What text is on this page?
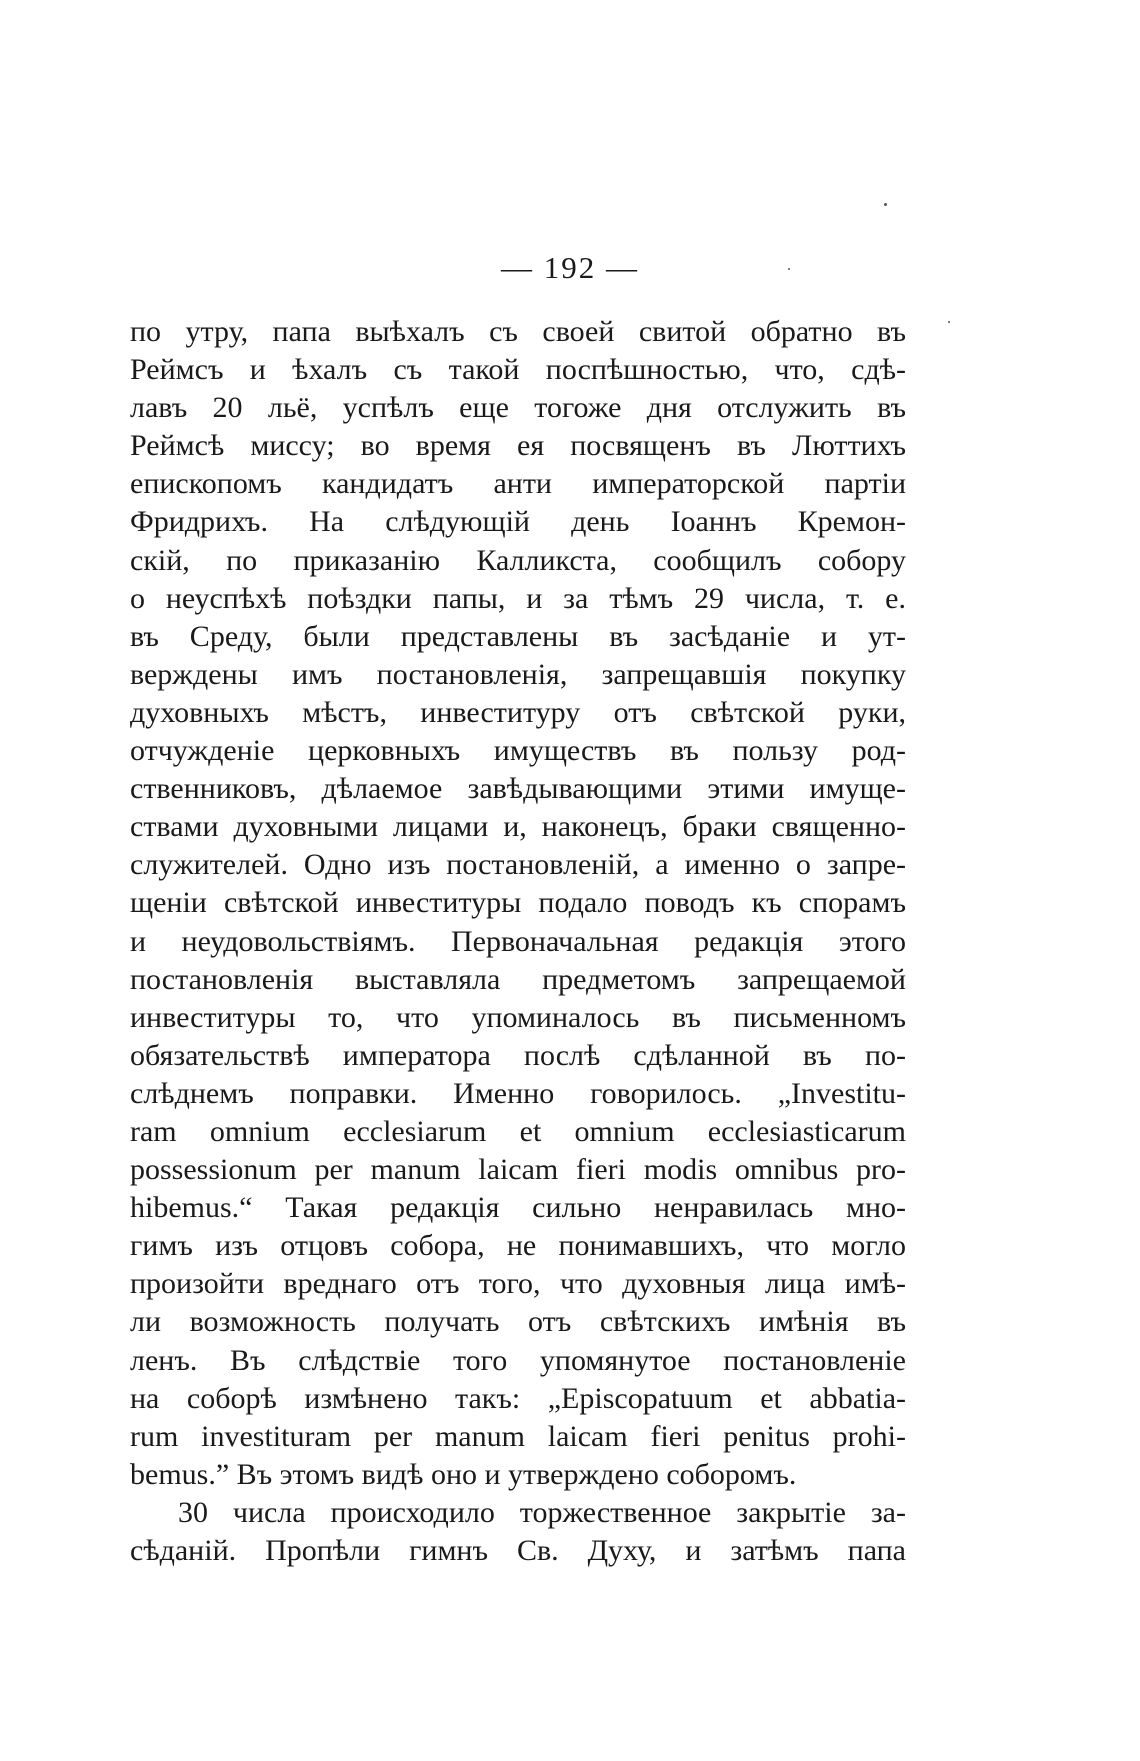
— 192 —
по утру, папа выѣхалъ съ своей свитой обратно въ
Реймсъ и ѣхалъ съ такой поспѣшностью, что, сдѣ-
лавъ 20 льё, успѣлъ еще тогоже дня отслужить въ
Реймсѣ миссу; во время ея посвященъ въ Люттихъ
епископомъ кандидатъ анти императорской партіи
Фридрихъ. На слѣдующій день Іоаннъ Кремон-
скій, по приказанію Калликста, сообщилъ собору
о неуспѣхѣ поѣздки папы, и за тѣмъ 29 числа, т. е.
въ Среду, были представлены въ засѣданіе и ут-
верждены имъ постановленія, запрещавшія покупку
духовныхъ мѣстъ, инвеституру отъ свѣтской руки,
отчужденіе церковныхъ имуществъ въ пользу род-
ственниковъ, дѣлаемое завѣдывающими этими имуще-
ствами духовными лицами и, наконецъ, браки священно-
служителей. Одно изъ постановленій, а именно о запре-
щеніи свѣтской инвеституры подало поводъ къ спорамъ
и неудовольствіямъ. Первоначальная редакція этого
постановленія выставляла предметомъ запрещаемой
инвеституры то, что упоминалось въ письменномъ
обязательствѣ императора послѣ сдѣланной въ по-
слѣднемъ поправки. Именно говорилось. „Investitu-
ram omnium ecclesiarum et omnium ecclesiasticarum
possessionum per manum laicam fieri modis omnibus pro-
hibemus.“ Такая редакція сильно ненравилась мно-
гимъ изъ отцовъ собора, не понимавшихъ, что могло
произойти вреднаго отъ того, что духовныя лица имѣ-
ли возможность получать отъ свѣтскихъ имѣнія въ
ленъ. Въ слѣдствіе того упомянутое постановленіе
на соборѣ измѣнено такъ: „Episcopatuum et abbatia-
rum investituram per manum laicam fieri penitus prohi-
bemus.” Въ этомъ видѣ оно и утверждено соборомъ.
30 числа происходило торжественное закрытіе за-
сѣданій. Пропѣли гимнъ Св. Духу, и затѣмъ папа
